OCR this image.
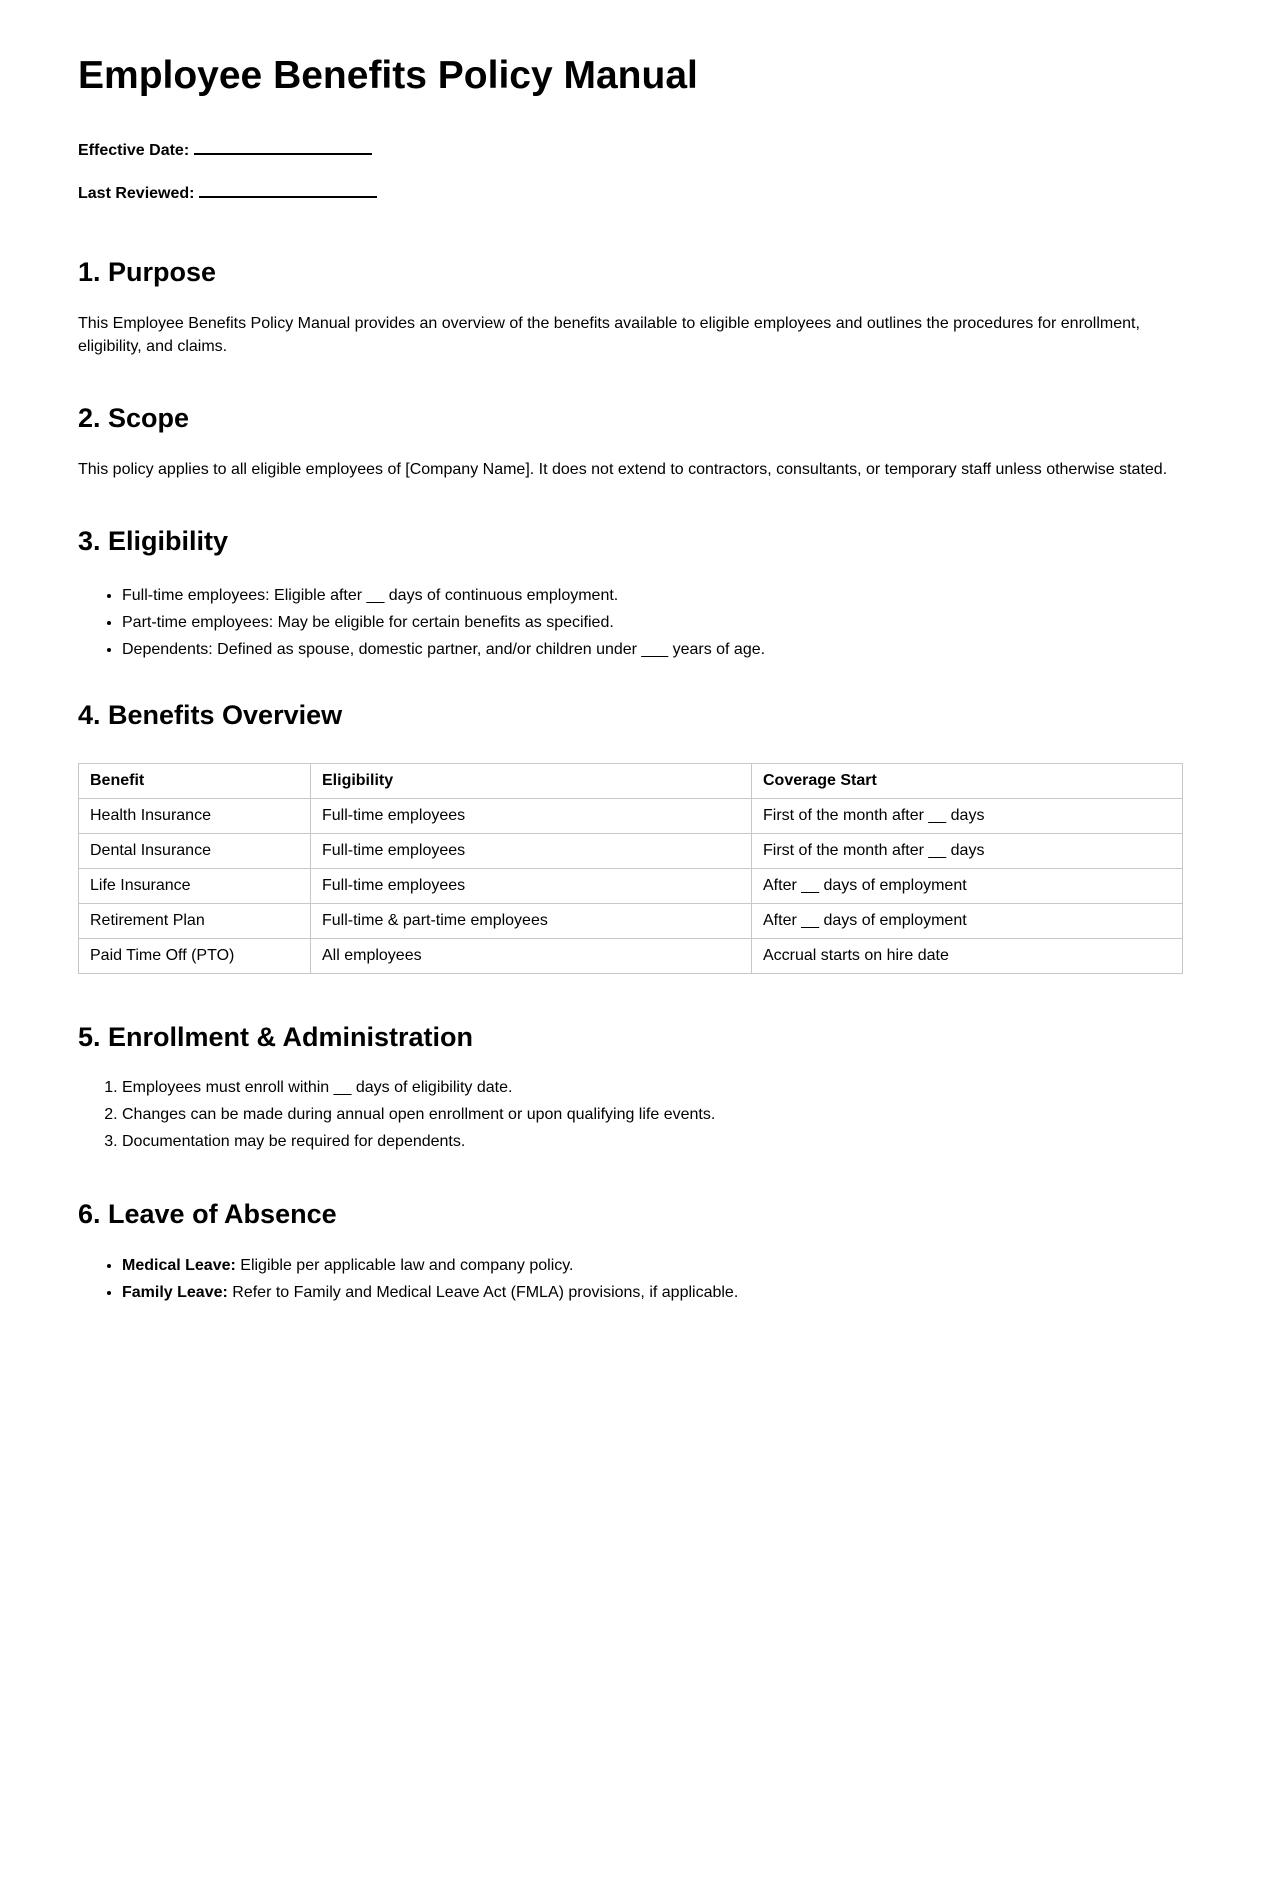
Employee Benefits Policy Manual
Effective Date:
Last Reviewed:
1. Purpose

This Employee Benefits Policy Manual provides an overview of the benefits available to eligible employees and outlines the procedures for enrollment, eligibility, and claims.

2. Scope

This policy applies to all eligible employees of [Company Name]. It does not extend to contractors, consultants, or temporary staff unless otherwise stated.

3. Eligibility
• Full-time employees: Eligible after __ days of continuous employment.
• Part-time employees: May be eligible for certain benefits as specified.
• Dependents: Defined as spouse, domestic partner, and/or children under ___ years of age.
4. Benefits Overview
Benefit	Eligibility	Coverage Start
Health Insurance	Full-time employees	First of the month after __ days
Dental Insurance	Full-time employees	First of the month after __ days
Life Insurance	Full-time employees	After __ days of employment
Retirement Plan	Full-time & part-time employees	After __ days of employment
Paid Time Off (PTO)	All employees	Accrual starts on hire date
5. Enrollment & Administration
1. Employees must enroll within __ days of eligibility date.
2. Changes can be made during annual open enrollment or upon qualifying life events.
3. Documentation may be required for dependents.
6. Leave of Absence
• Medical Leave: Eligible per applicable law and company policy.
• Family Leave: Refer to Family and Medical Leave Act (FMLA) provisions, if applicable.
